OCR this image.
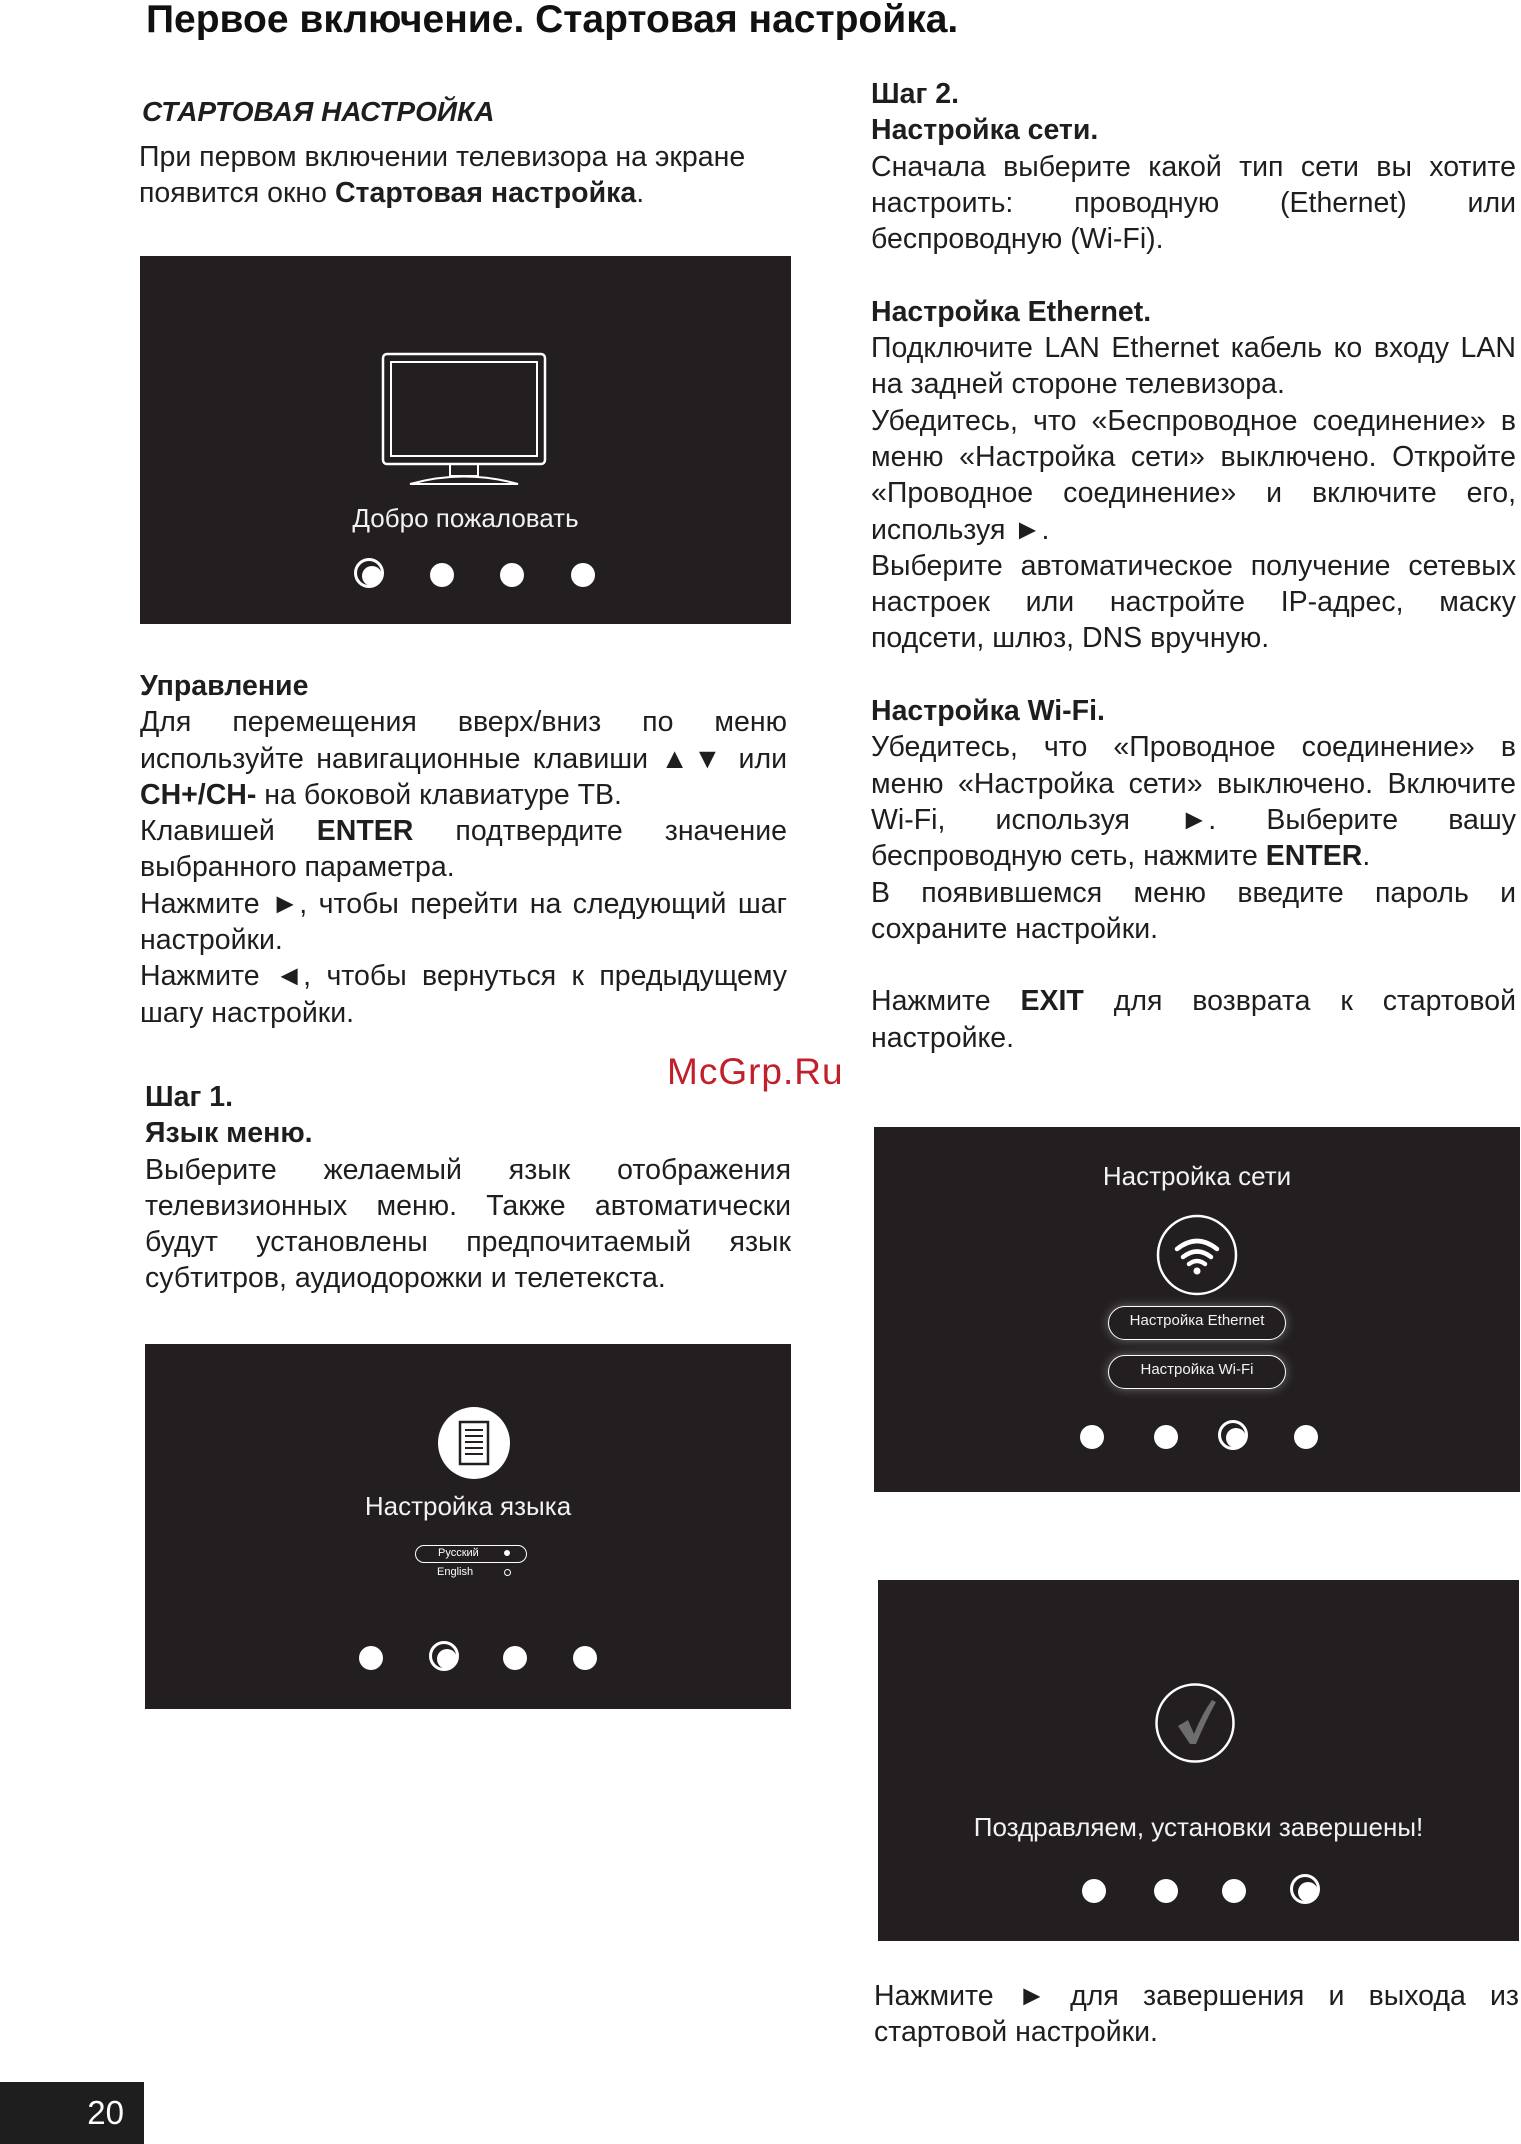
Первое включение. Стартовая настройка.
СТАРТОВАЯ НАСТРОЙКА

При первом включении телевизора на экране появится окно Стартовая настройка.

Добро пожаловать

Управление

Для перемещения вверх/вниз по меню используйте навигационные клавиши ▲▼ или CH+/CH- на боковой клавиатуре ТВ.

Клавишей ENTER подтвердите значение выбранного параметра.

Нажмите ►, чтобы перейти на следующий шаг настройки.

Нажмите ◄, чтобы вернуться к предыдущему шагу настройки.

Шаг 1.

Язык меню.

Выберите желаемый язык отображения телевизионных меню. Также автоматически будут установлены предпочитаемый язык субтитров, аудиодорожки и телетекста.

Настройка языка
Русский
English

Шаг 2.

Настройка сети.

Сначала выберите какой тип сети вы хотите настроить: проводную (Ethernet) или беспроводную (Wi-Fi).

Настройка Ethernet.

Подключите LAN Ethernet кабель ко входу LAN на задней стороне телевизора.

Убедитесь, что «Беспроводное соединение» в меню «Настройка сети» выключено. Откройте «Проводное соединение» и включите его, используя ►.

Выберите автоматическое получение сетевых настроек или настройте IP-адрес, маску подсети, шлюз, DNS вручную.

Настройка Wi-Fi.

Убедитесь, что «Проводное соединение» в меню «Настройка сети» выключено. Включите Wi-Fi, используя ►. Выберите вашу беспроводную сеть, нажмите ENTER.

В появившемся меню введите пароль и сохраните настройки.

Нажмите EXIT для возврата к стартовой настройке.

McGrp.Ru
Настройка сети
Настройка Ethernet
Настройка Wi-Fi
Поздравляем, установки завершены!

Нажмите ► для завершения и выхода из стартовой настройки.

20
